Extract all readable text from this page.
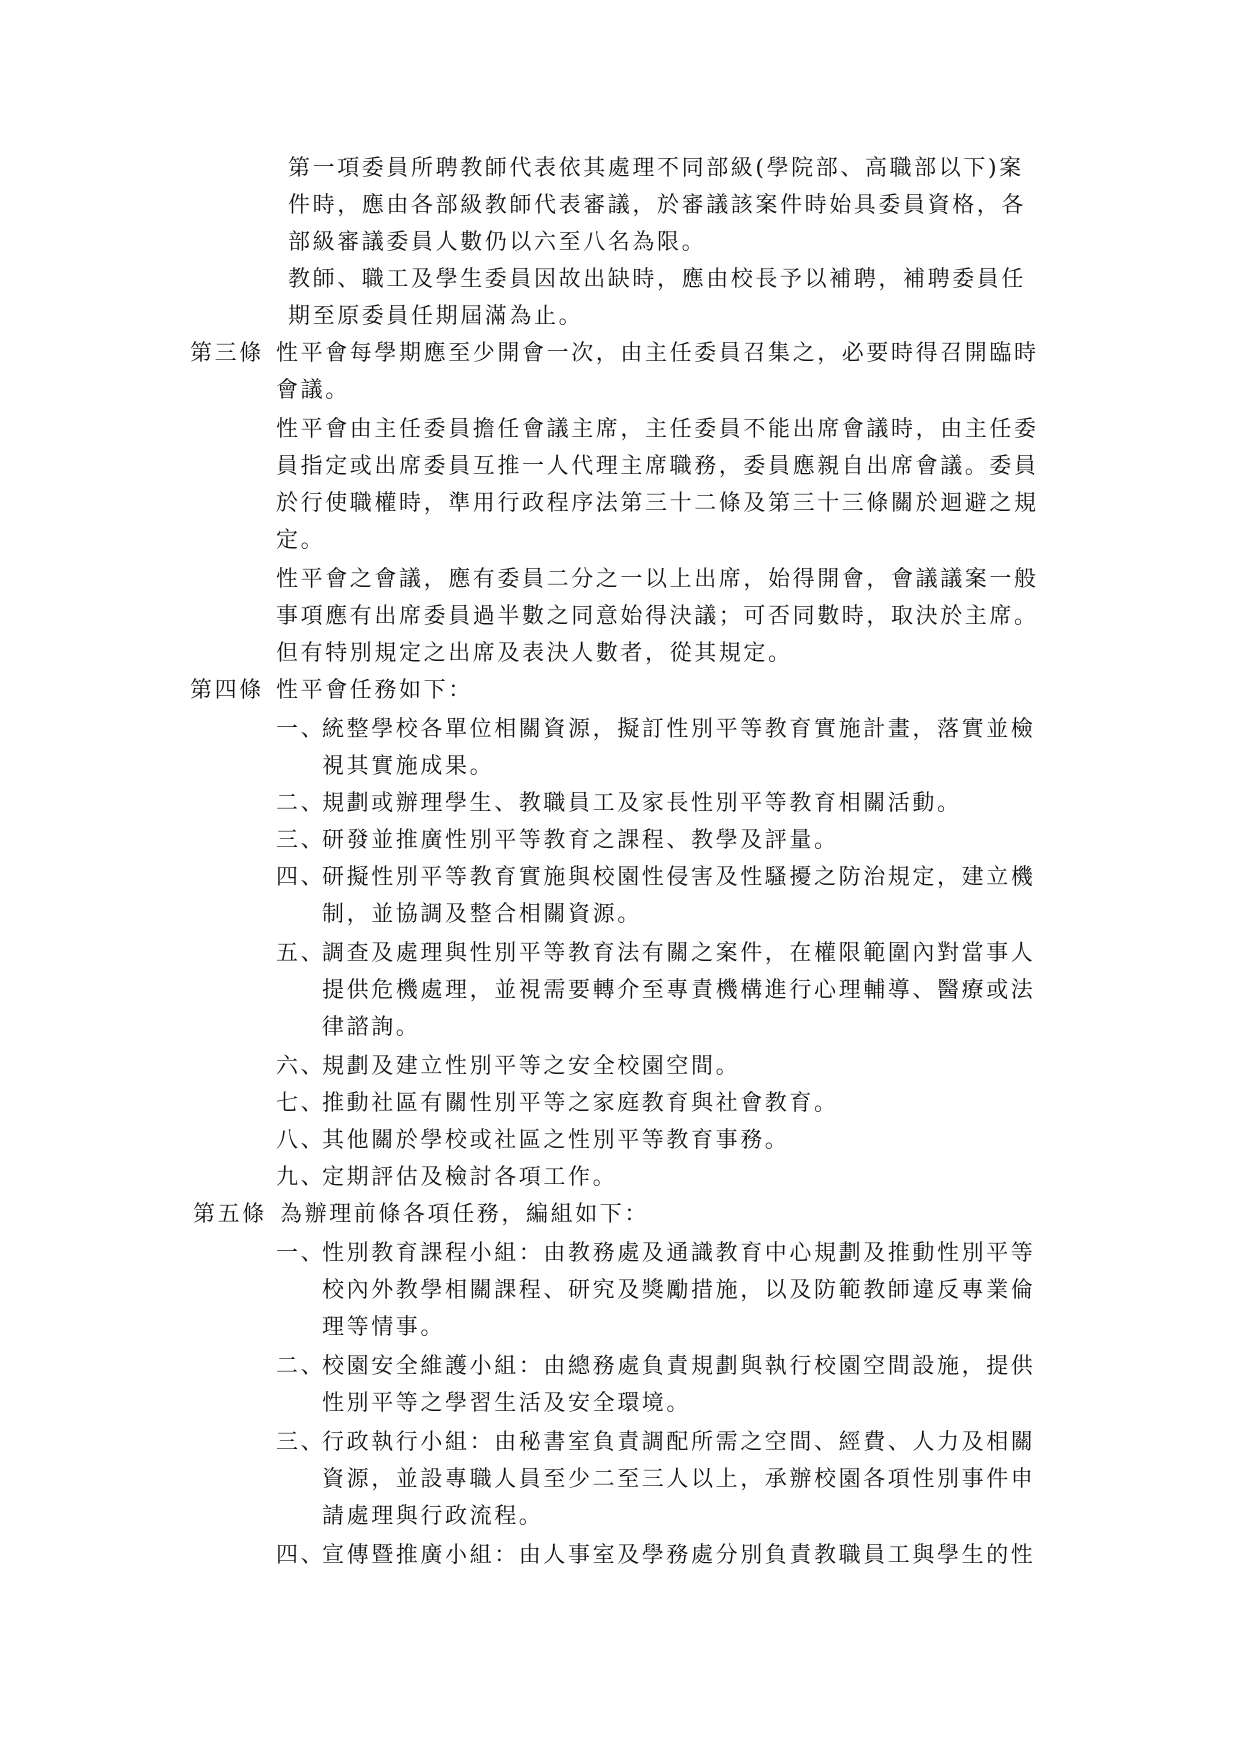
第一項委員所聘教師代表依其處理不同部級(學院部、高職部以下)案
件時，應由各部級教師代表審議，於審議該案件時始具委員資格，各
部級審議委員人數仍以六至八名為限。
教師、職工及學生委員因故出缺時，應由校長予以補聘，補聘委員任
期至原委員任期屆滿為止。
第三條 性平會每學期應至少開會一次，由主任委員召集之，必要時得召開臨時
會議。
性平會由主任委員擔任會議主席，主任委員不能出席會議時，由主任委
員指定或出席委員互推一人代理主席職務，委員應親自出席會議。委員
於行使職權時，準用行政程序法第三十二條及第三十三條關於迴避之規
定。
性平會之會議，應有委員二分之一以上出席，始得開會，會議議案一般
事項應有出席委員過半數之同意始得決議；可否同數時，取決於主席。
但有特別規定之出席及表決人數者，從其規定。
第四條 性平會任務如下：
一、
統整學校各單位相關資源，擬訂性別平等教育實施計畫，落實並檢
視其實施成果。
二、
規劃或辦理學生、教職員工及家長性別平等教育相關活動。
三、
研發並推廣性別平等教育之課程、教學及評量。
四、
研擬性別平等教育實施與校園性侵害及性騷擾之防治規定，建立機
制，並協調及整合相關資源。
五、
調查及處理與性別平等教育法有關之案件，在權限範圍內對當事人
提供危機處理，並視需要轉介至專責機構進行心理輔導、醫療或法
律諮詢。
六、
規劃及建立性別平等之安全校園空間。
七、
推動社區有關性別平等之家庭教育與社會教育。
八、
其他關於學校或社區之性別平等教育事務。
九、
定期評估及檢討各項工作。
第五條 為辦理前條各項任務，編組如下：
一、
性別教育課程小組：由教務處及通識教育中心規劃及推動性別平等
校內外教學相關課程、研究及獎勵措施，以及防範教師違反專業倫
理等情事。
二、
校園安全維護小組：由總務處負責規劃與執行校園空間設施，提供
性別平等之學習生活及安全環境。
三、
行政執行小組：由秘書室負責調配所需之空間、經費、人力及相關
資源，並設專職人員至少二至三人以上，承辦校園各項性別事件申
請處理與行政流程。
四、
宣傳暨推廣小組：由人事室及學務處分別負責教職員工與學生的性
